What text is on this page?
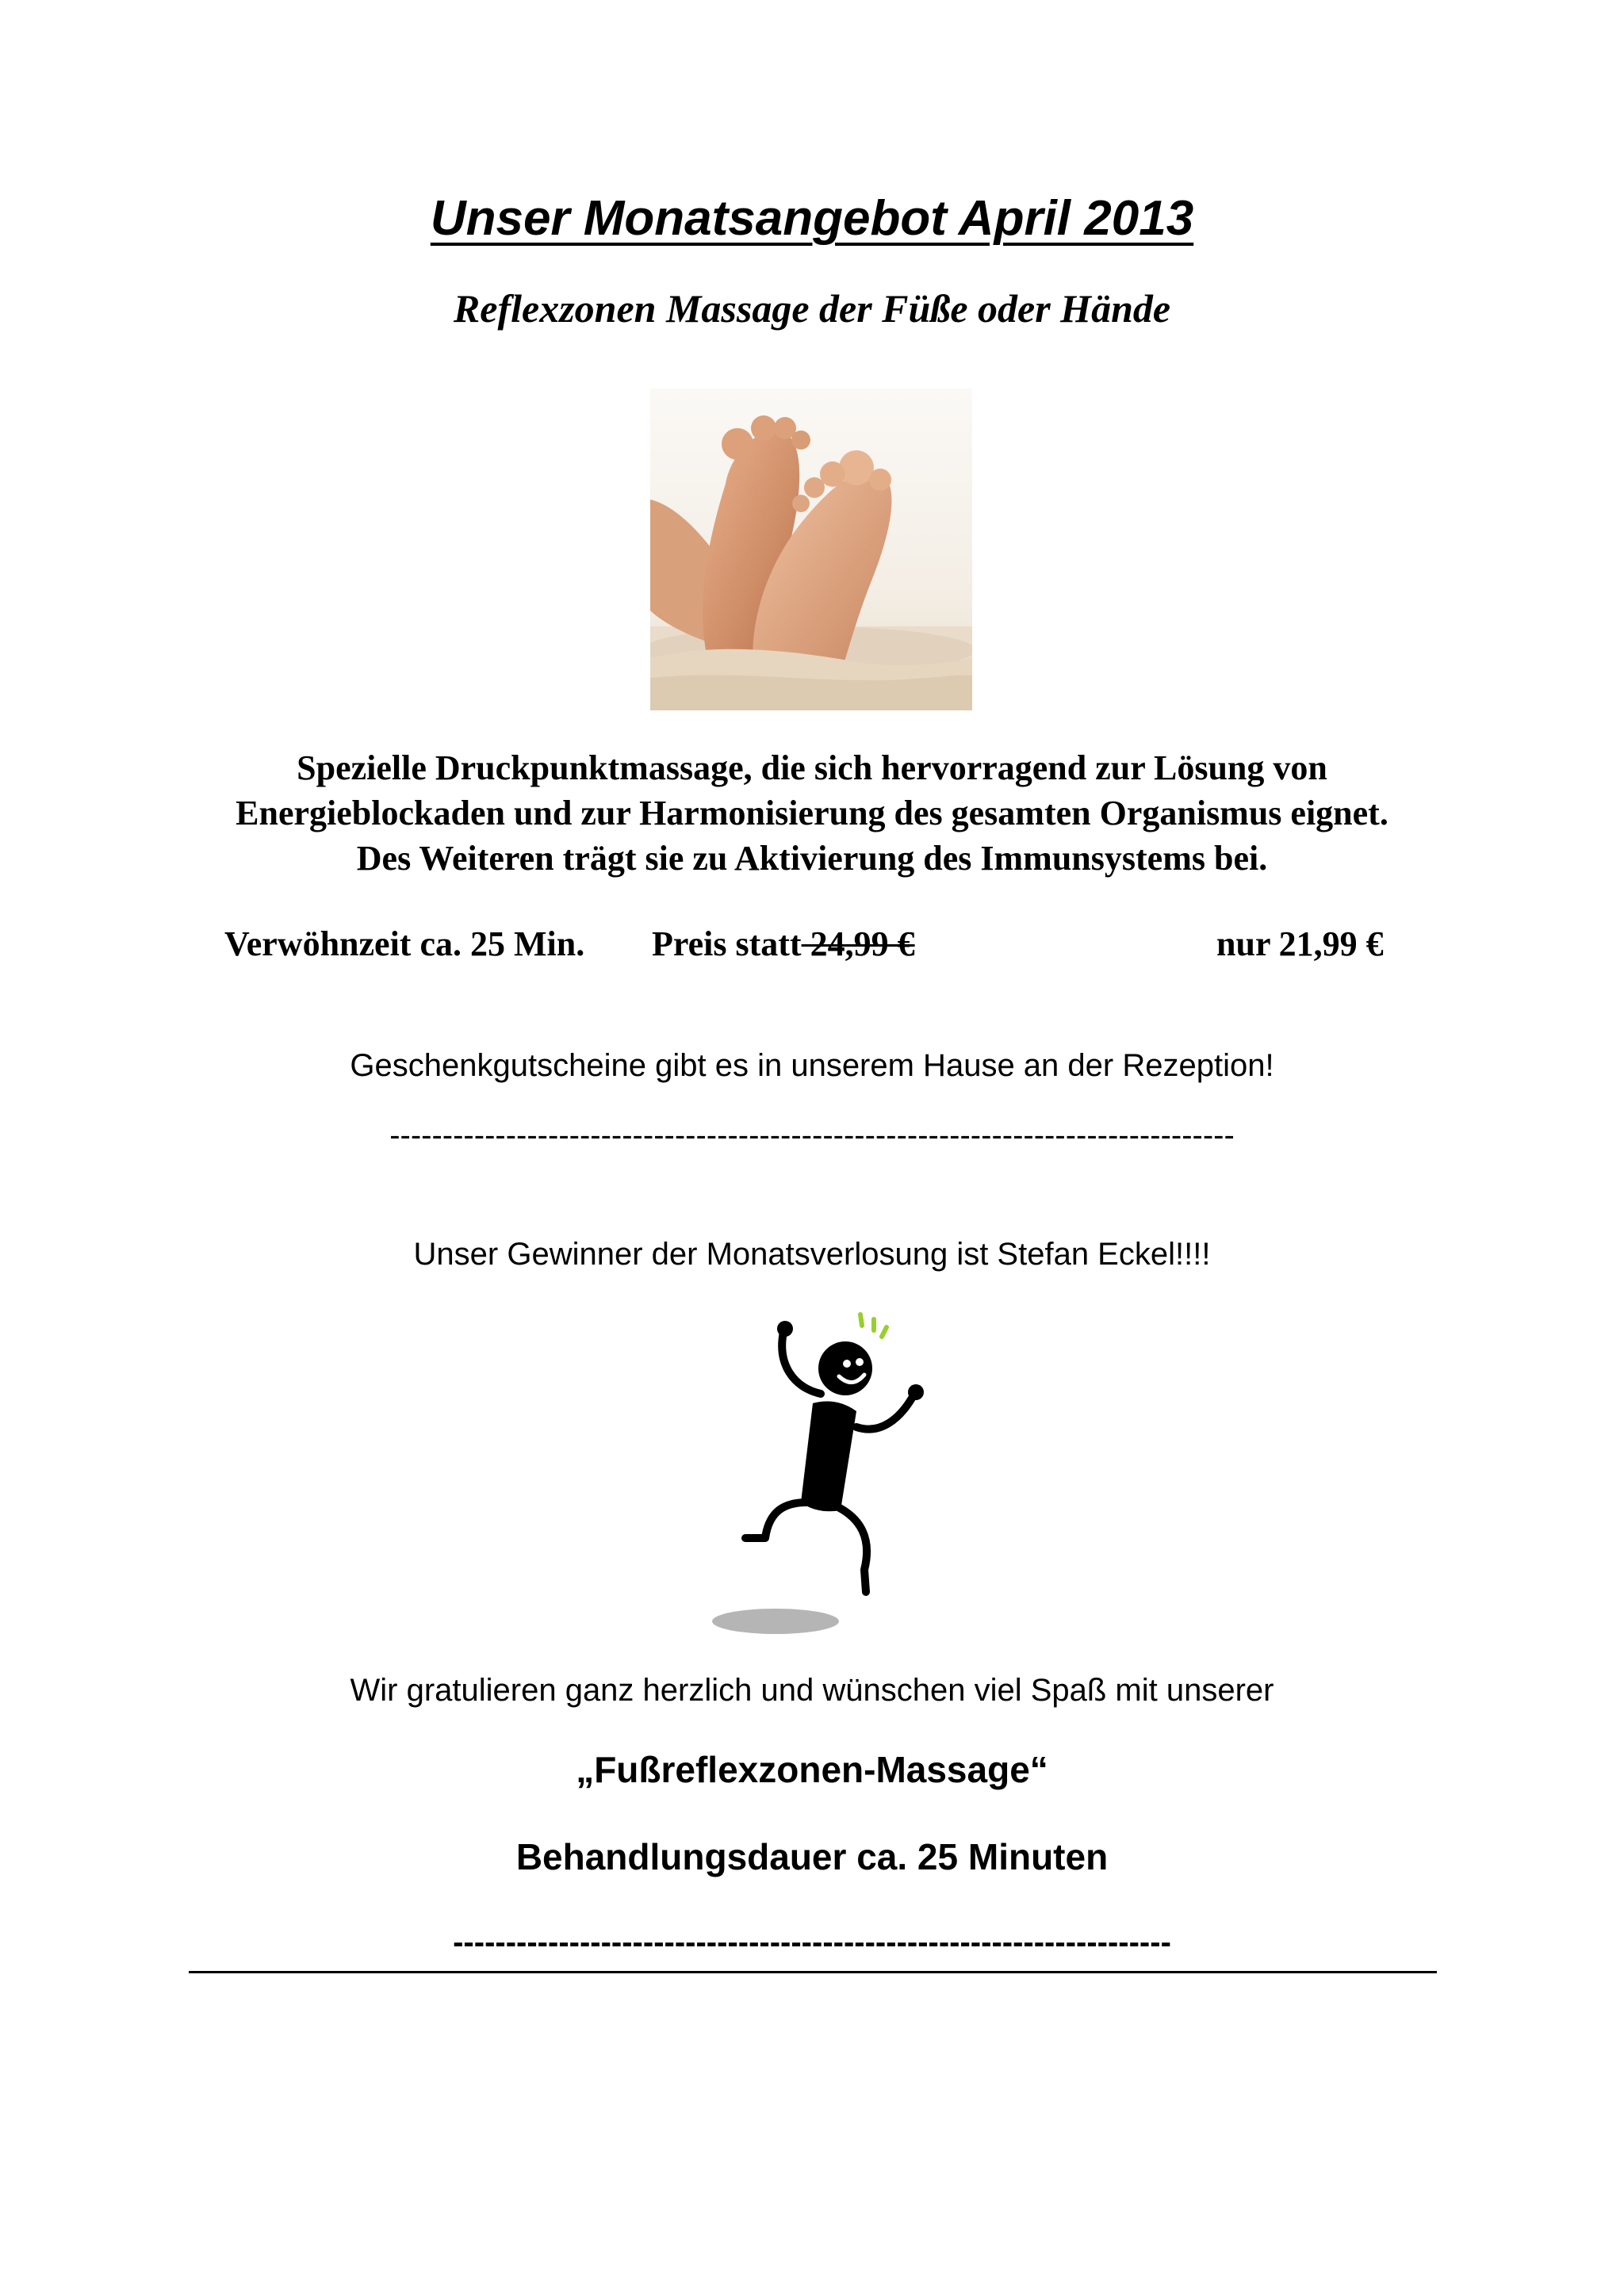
Unser Monatsangebot April 2013
Reflexzonen Massage der Füße oder Hände
Spezielle Druckpunktmassage, die sich hervorragend zur Lösung von Energieblockaden und zur Harmonisierung des gesamten Organismus eignet. Des Weiteren trägt sie zu Aktivierung des Immunsystems bei.
Verwöhnzeit ca. 25 Min. Preis statt 24,99 €	nur 21,99 €
Geschenkgutscheine gibt es in unserem Hause an der Rezeption!
--------------------------------------------------------------------------------
Unser Gewinner der Monatsverlosung ist Stefan Eckel!!!!
Wir gratulieren ganz herzlich und wünschen viel Spaß mit unserer
„Fußreflexzonen-Massage“
Behandlungsdauer ca. 25 Minuten
--------------------------------------------------------------------
